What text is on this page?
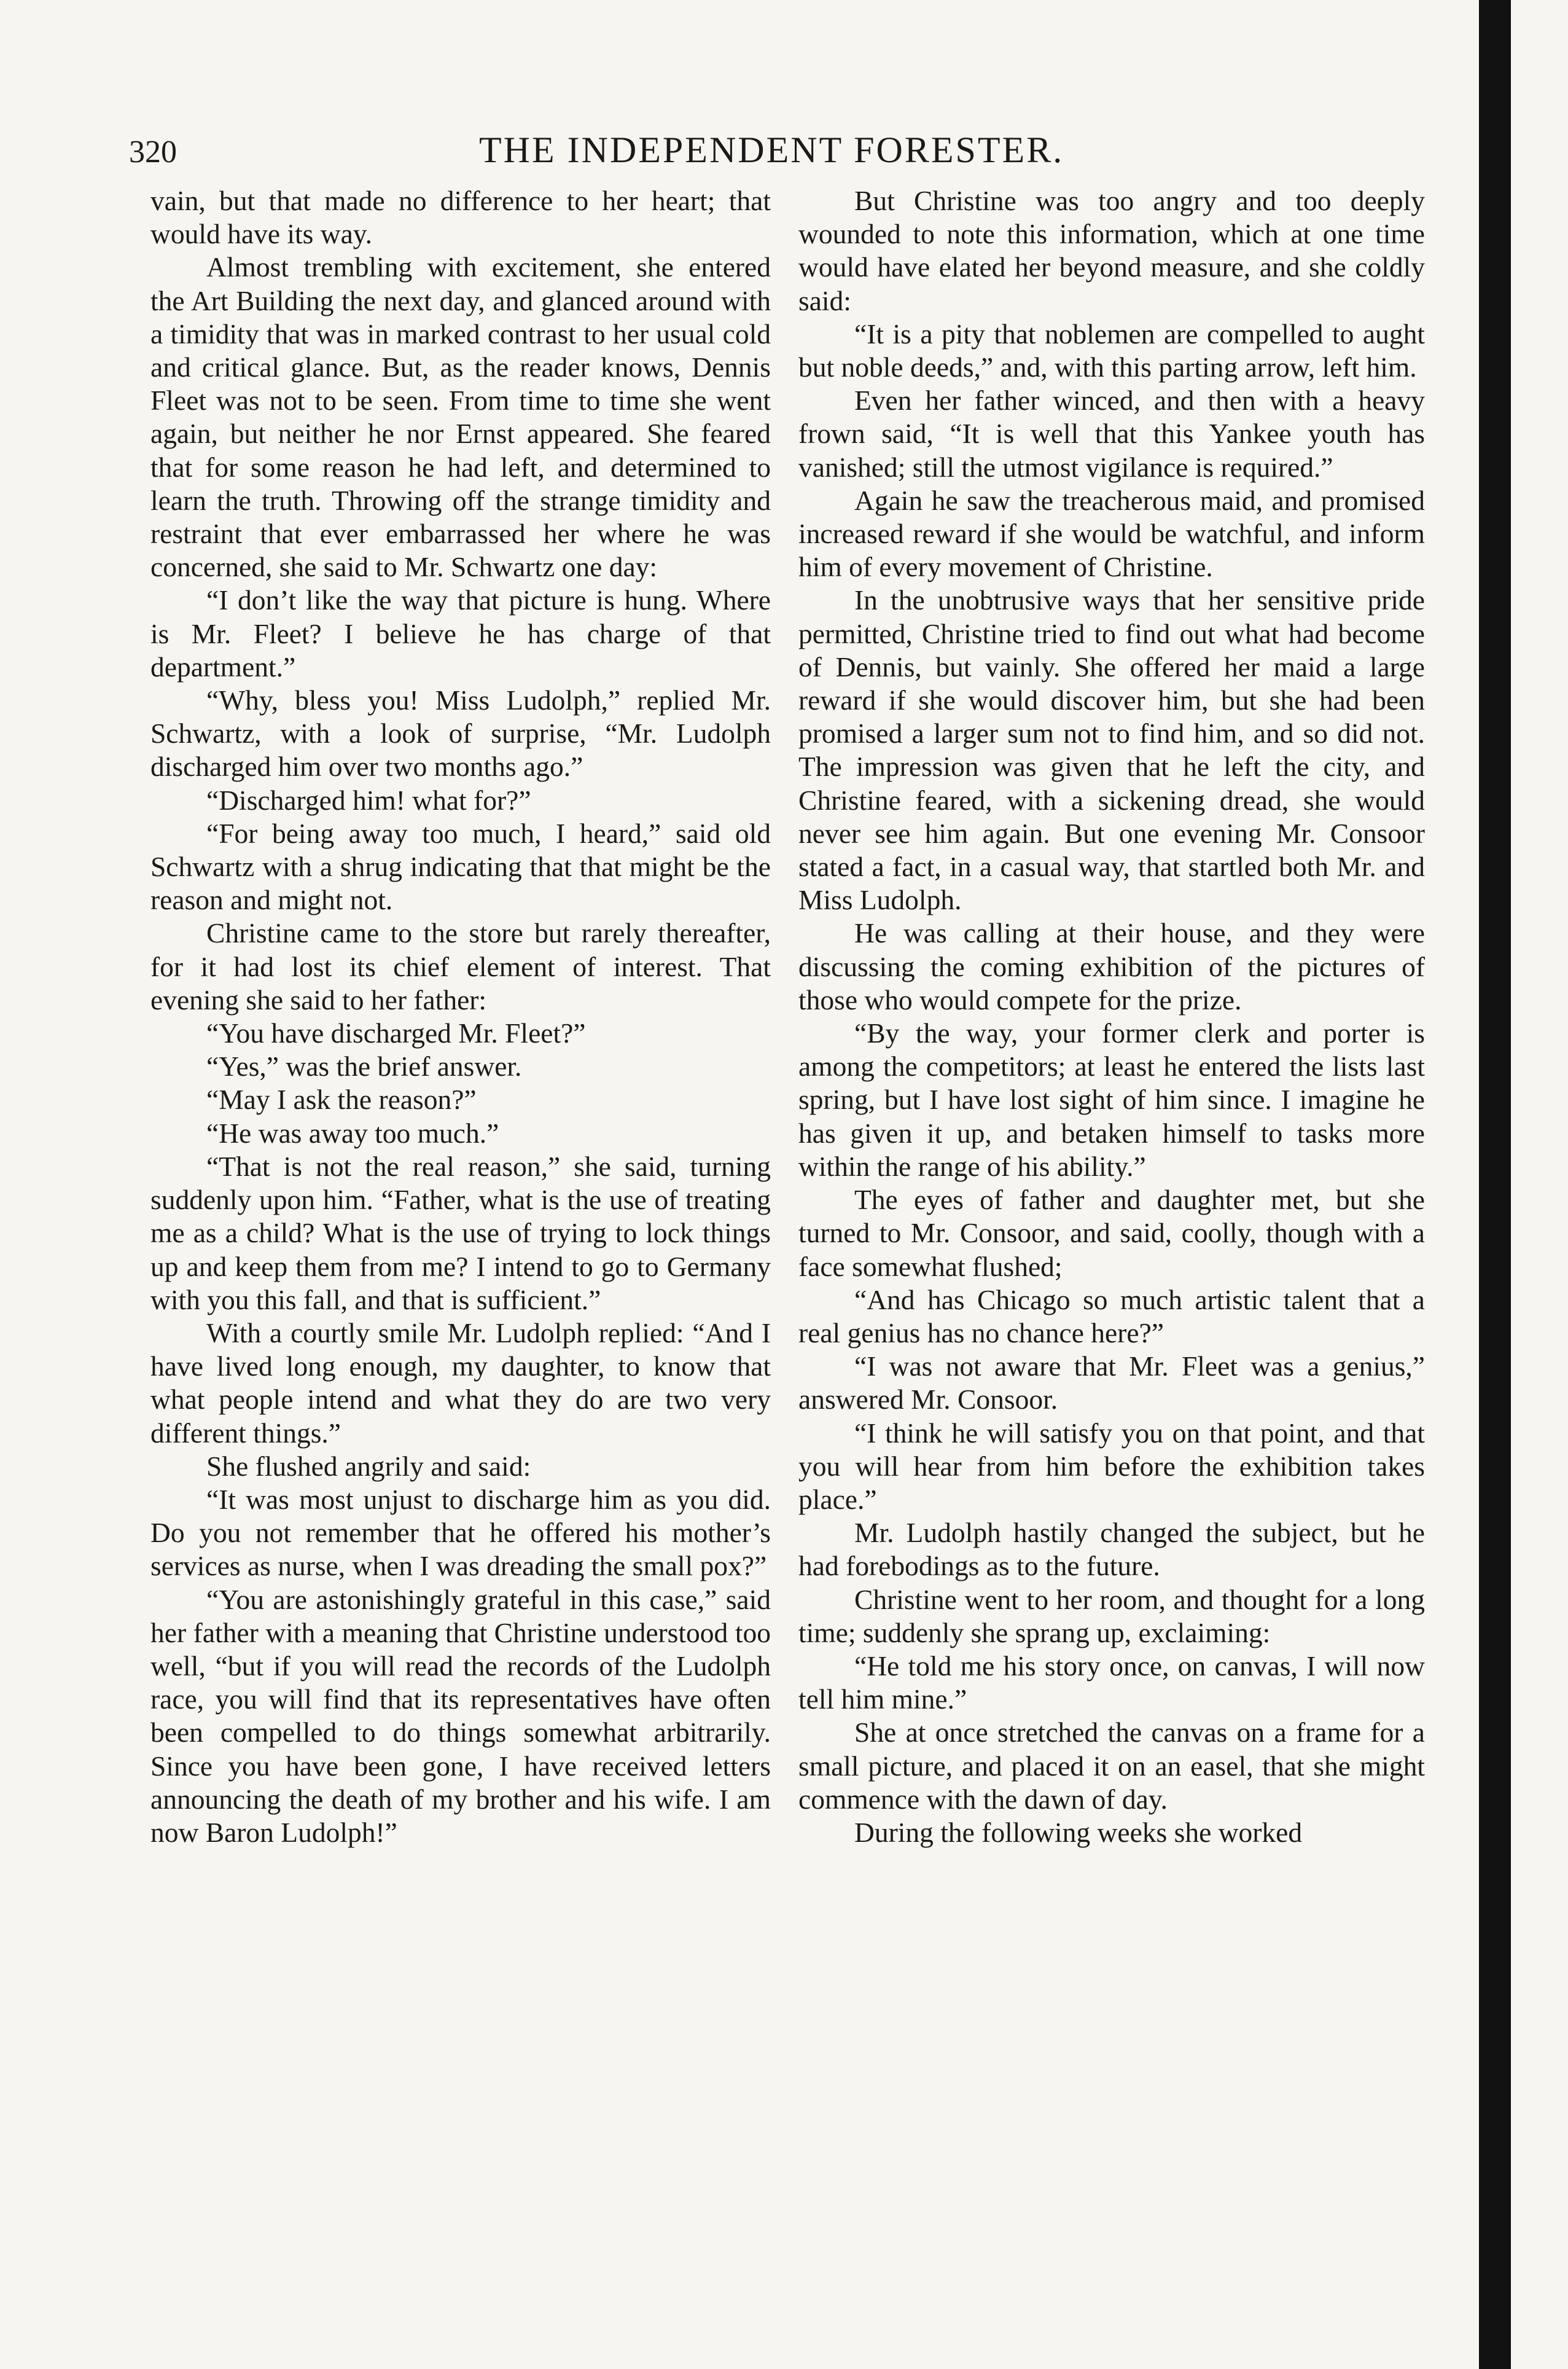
320	THE INDEPENDENT FORESTER.

vain, but that made no difference to her heart; that would have its way.

Almost trembling with excitement, she entered the Art Building the next day, and glanced around with a timidity that was in marked contrast to her usual cold and critical glance. But, as the reader knows, Dennis Fleet was not to be seen. From time to time she went again, but neither he nor Ernst appeared. She feared that for some reason he had left, and determined to learn the truth. Throwing off the strange timidity and restraint that ever embarrassed her where he was concerned, she said to Mr. Schwartz one day:

“I don’t like the way that picture is hung. Where is Mr. Fleet? I believe he has charge of that department.”

“Why, bless you! Miss Ludolph,” replied Mr. Schwartz, with a look of surprise, “Mr. Ludolph discharged him over two months ago.”

“Discharged him! what for?”

“For being away too much, I heard,” said old Schwartz with a shrug indicating that that might be the reason and might not.

Christine came to the store but rarely thereafter, for it had lost its chief element of interest. That evening she said to her father:

“You have discharged Mr. Fleet?”

“Yes,” was the brief answer.

“May I ask the reason?”

“He was away too much.”

“That is not the real reason,” she said, turning suddenly upon him. “Father, what is the use of treating me as a child? What is the use of trying to lock things up and keep them from me? I intend to go to Germany with you this fall, and that is sufficient.”

With a courtly smile Mr. Ludolph replied: “And I have lived long enough, my daughter, to know that what people intend and what they do are two very different things.”

She flushed angrily and said:

“It was most unjust to discharge him as you did. Do you not remember that he offered his mother’s services as nurse, when I was dreading the small pox?”

“You are astonishingly grateful in this case,” said her father with a meaning that Christine understood too well, “but if you will read the records of the Ludolph race, you will find that its representatives have often been compelled to do things somewhat arbitrarily. Since you have been gone, I have received letters announcing the death of my brother and his wife. I am now Baron Ludolph!”

But Christine was too angry and too deeply wounded to note this information, which at one time would have elated her beyond measure, and she coldly said:

“It is a pity that noblemen are compelled to aught but noble deeds,” and, with this parting arrow, left him.

Even her father winced, and then with a heavy frown said, “It is well that this Yankee youth has vanished; still the utmost vigilance is required.”

Again he saw the treacherous maid, and promised increased reward if she would be watchful, and inform him of every movement of Christine.

In the unobtrusive ways that her sensitive pride permitted, Christine tried to find out what had become of Dennis, but vainly. She offered her maid a large reward if she would discover him, but she had been promised a larger sum not to find him, and so did not. The impression was given that he left the city, and Christine feared, with a sickening dread, she would never see him again. But one evening Mr. Consoor stated a fact, in a casual way, that startled both Mr. and Miss Ludolph.

He was calling at their house, and they were discussing the coming exhibition of the pictures of those who would compete for the prize.

“By the way, your former clerk and porter is among the competitors; at least he entered the lists last spring, but I have lost sight of him since. I imagine he has given it up, and betaken himself to tasks more within the range of his ability.”

The eyes of father and daughter met, but she turned to Mr. Consoor, and said, coolly, though with a face somewhat flushed;

“And has Chicago so much artistic talent that a real genius has no chance here?”

“I was not aware that Mr. Fleet was a genius,” answered Mr. Consoor.

“I think he will satisfy you on that point, and that you will hear from him before the exhibition takes place.”

Mr. Ludolph hastily changed the subject, but he had forebodings as to the future.

Christine went to her room, and thought for a long time; suddenly she sprang up, exclaiming:

“He told me his story once, on canvas, I will now tell him mine.”

She at once stretched the canvas on a frame for a small picture, and placed it on an easel, that she might commence with the dawn of day.

During the following weeks she worked
